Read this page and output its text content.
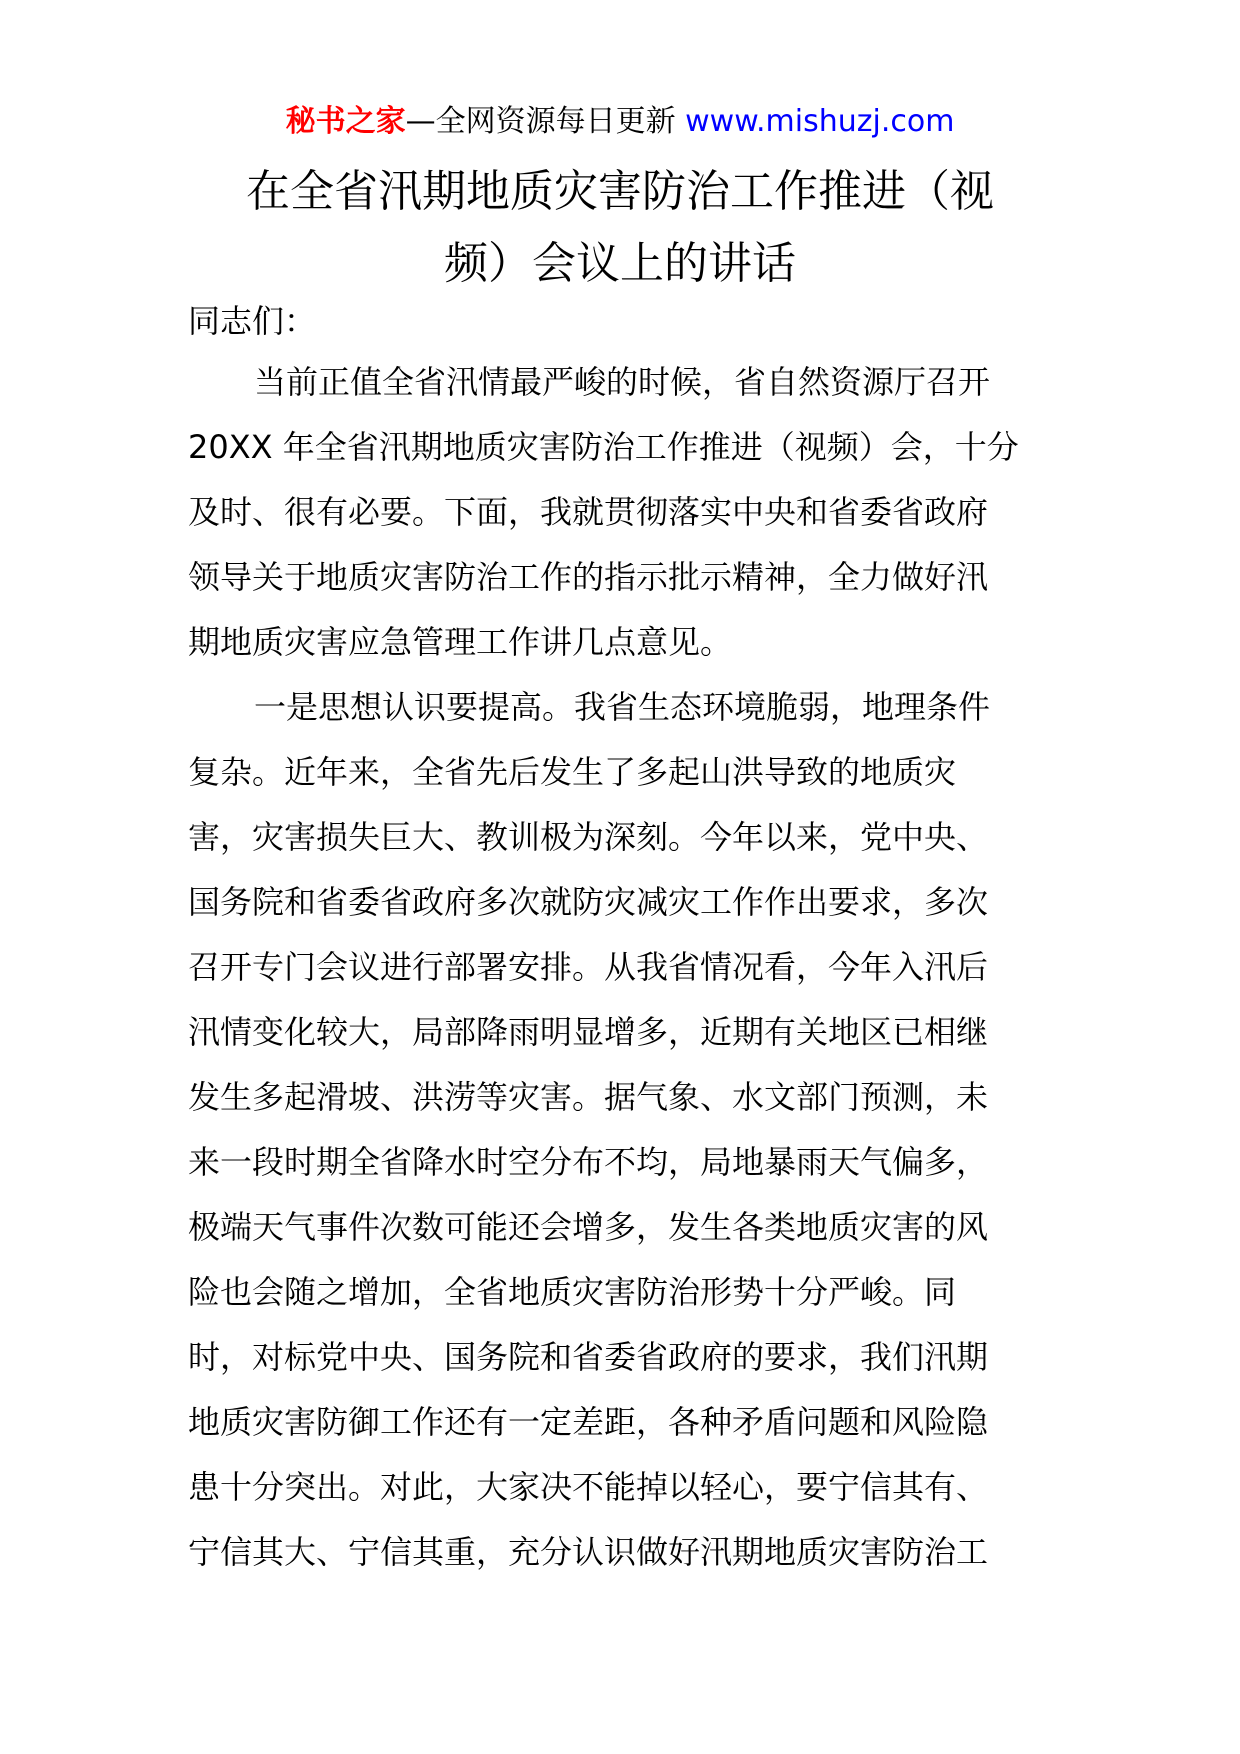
秘书之家—全网资源每日更新 www.mishuzj.com
在全省汛期地质灾害防治工作推进（视
频）会议上的讲话
同志们：
当前正值全省汛情最严峻的时候，省自然资源厅召开
20XX 年全省汛期地质灾害防治工作推进（视频）会，十分
及时、很有必要。下面，我就贯彻落实中央和省委省政府
领导关于地质灾害防治工作的指示批示精神，全力做好汛
期地质灾害应急管理工作讲几点意见。
一是思想认识要提高。我省生态环境脆弱，地理条件
复杂。近年来，全省先后发生了多起山洪导致的地质灾
害，灾害损失巨大、教训极为深刻。今年以来，党中央、
国务院和省委省政府多次就防灾减灾工作作出要求，多次
召开专门会议进行部署安排。从我省情况看，今年入汛后
汛情变化较大，局部降雨明显增多，近期有关地区已相继
发生多起滑坡、洪涝等灾害。据气象、水文部门预测，未
来一段时期全省降水时空分布不均，局地暴雨天气偏多，
极端天气事件次数可能还会增多，发生各类地质灾害的风
险也会随之增加，全省地质灾害防治形势十分严峻。同
时，对标党中央、国务院和省委省政府的要求，我们汛期
地质灾害防御工作还有一定差距，各种矛盾问题和风险隐
患十分突出。对此，大家决不能掉以轻心，要宁信其有、
宁信其大、宁信其重，充分认识做好汛期地质灾害防治工
